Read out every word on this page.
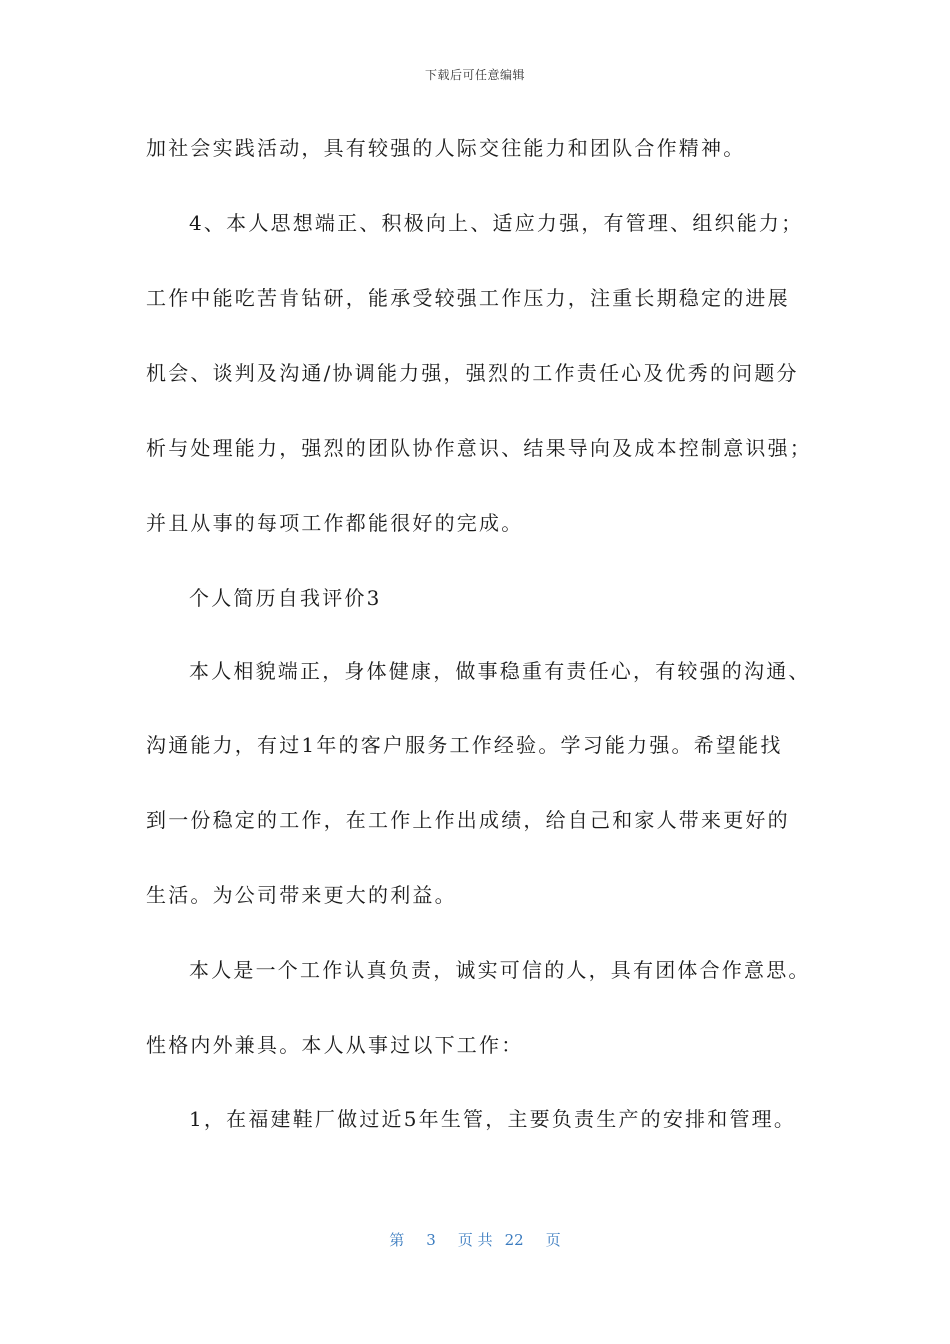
下载后可任意编辑
加社会实践活动，具有较强的人际交往能力和团队合作精神。
4、本人思想端正、积极向上、适应力强，有管理、组织能力；
工作中能吃苦肯钻研，能承受较强工作压力，注重长期稳定的进展
机会、谈判及沟通/协调能力强，强烈的工作责任心及优秀的问题分
析与处理能力，强烈的团队协作意识、结果导向及成本控制意识强；
并且从事的每项工作都能很好的完成。
个人简历自我评价3
本人相貌端正，身体健康，做事稳重有责任心，有较强的沟通、
沟通能力，有过1年的客户服务工作经验。学习能力强。希望能找
到一份稳定的工作，在工作上作出成绩，给自己和家人带来更好的
生活。为公司带来更大的利益。
本人是一个工作认真负责，诚实可信的人，具有团体合作意思。
性格内外兼具。本人从事过以下工作：
1，在福建鞋厂做过近5年生管，主要负责生产的安排和管理。
第 3 页 共 22 页
